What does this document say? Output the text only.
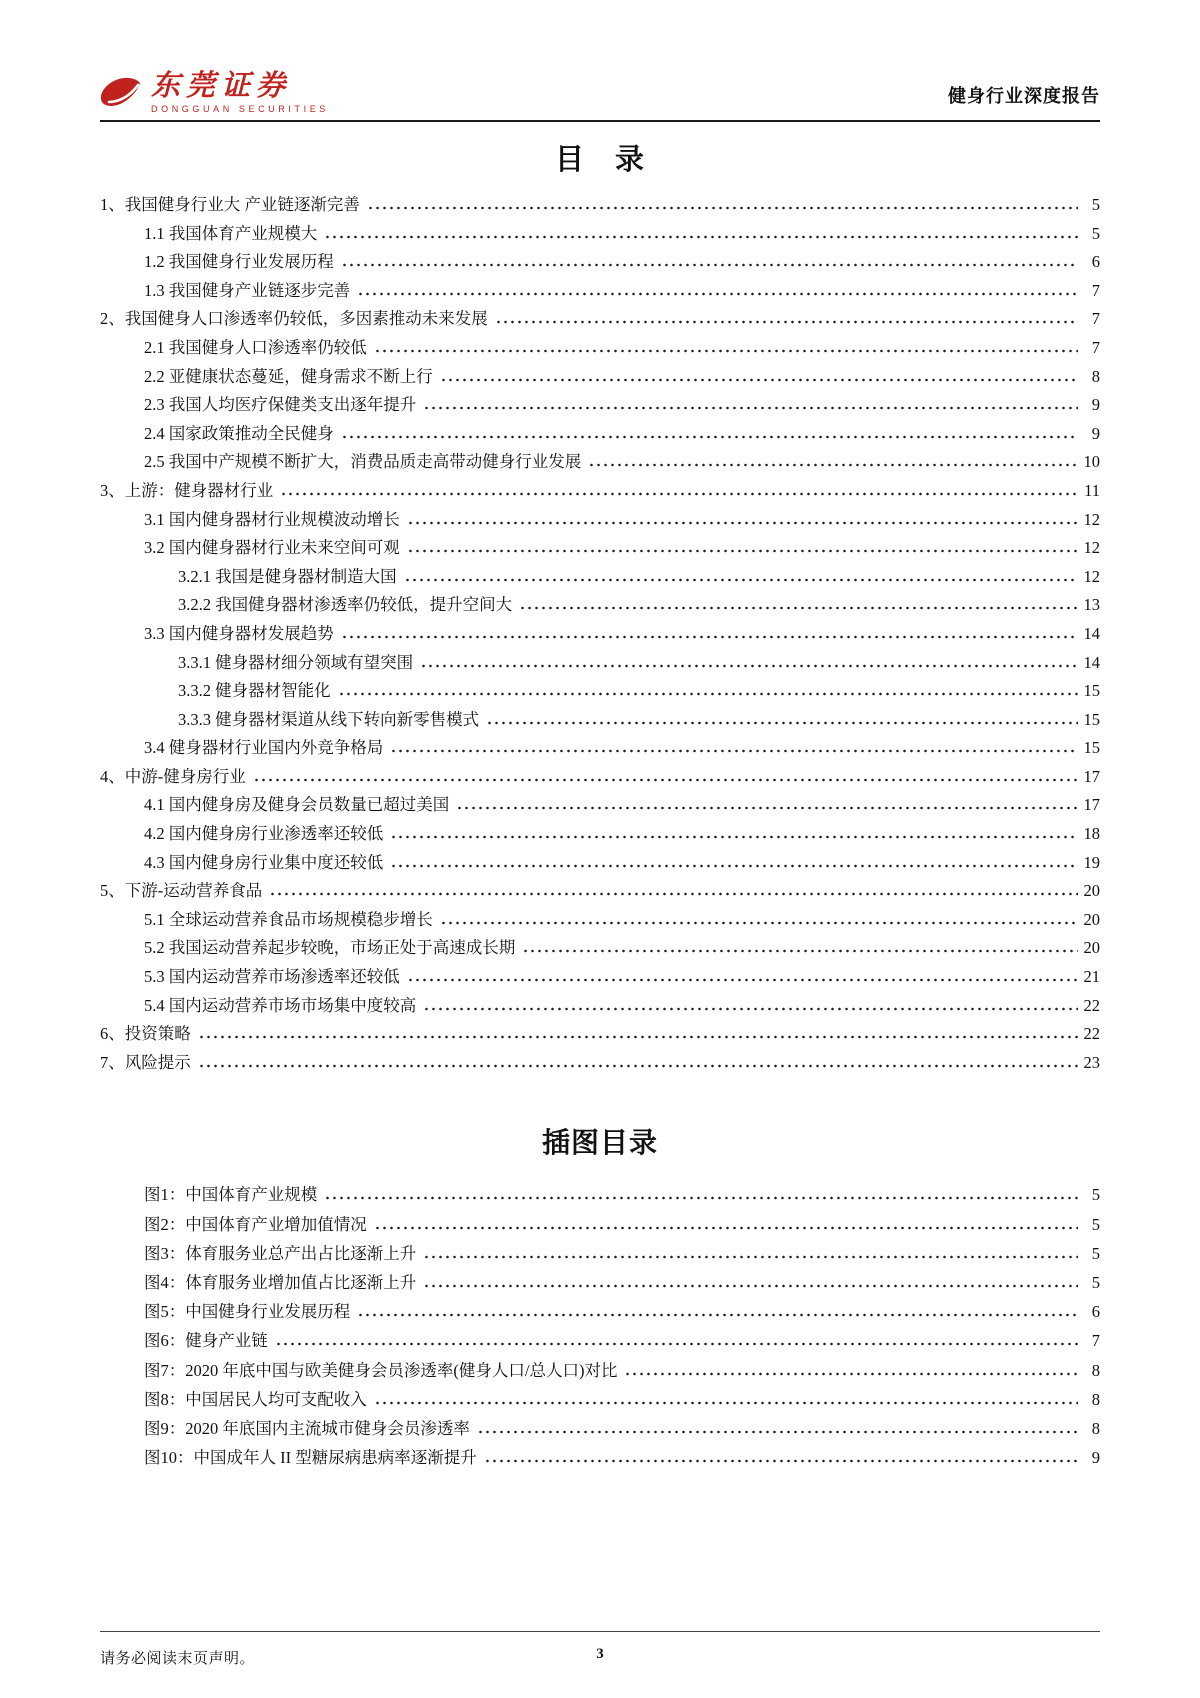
东莞证券
DONGGUAN SECURITIES
健身行业深度报告
目　录
1、我国健身行业大 产业链逐渐完善	5
1.1 我国体育产业规模大	5
1.2 我国健身行业发展历程	6
1.3 我国健身产业链逐步完善	7
2、我国健身人口渗透率仍较低，多因素推动未来发展	7
2.1 我国健身人口渗透率仍较低	7
2.2 亚健康状态蔓延，健身需求不断上行	8
2.3 我国人均医疗保健类支出逐年提升	9
2.4 国家政策推动全民健身	9
2.5 我国中产规模不断扩大，消费品质走高带动健身行业发展	10
3、上游：健身器材行业	11
3.1 国内健身器材行业规模波动增长	12
3.2 国内健身器材行业未来空间可观	12
3.2.1 我国是健身器材制造大国	12
3.2.2 我国健身器材渗透率仍较低，提升空间大	13
3.3 国内健身器材发展趋势	14
3.3.1 健身器材细分领域有望突围	14
3.3.2 健身器材智能化	15
3.3.3 健身器材渠道从线下转向新零售模式	15
3.4 健身器材行业国内外竞争格局	15
4、中游-健身房行业	17
4.1 国内健身房及健身会员数量已超过美国	17
4.2 国内健身房行业渗透率还较低	18
4.3 国内健身房行业集中度还较低	19
5、下游-运动营养食品	20
5.1 全球运动营养食品市场规模稳步增长	20
5.2 我国运动营养起步较晚，市场正处于高速成长期	20
5.3 国内运动营养市场渗透率还较低	21
5.4 国内运动营养市场市场集中度较高	22
6、投资策略	22
7、风险提示	23
插图目录
图1：中国体育产业规模	5
图2：中国体育产业增加值情况	5
图3：体育服务业总产出占比逐渐上升	5
图4：体育服务业增加值占比逐渐上升	5
图5：中国健身行业发展历程	6
图6：健身产业链	7
图7：2020 年底中国与欧美健身会员渗透率(健身人口/总人口)对比	8
图8：中国居民人均可支配收入	8
图9：2020 年底国内主流城市健身会员渗透率	8
图10：中国成年人 II 型糖尿病患病率逐渐提升	9
请务必阅读末页声明。	3
